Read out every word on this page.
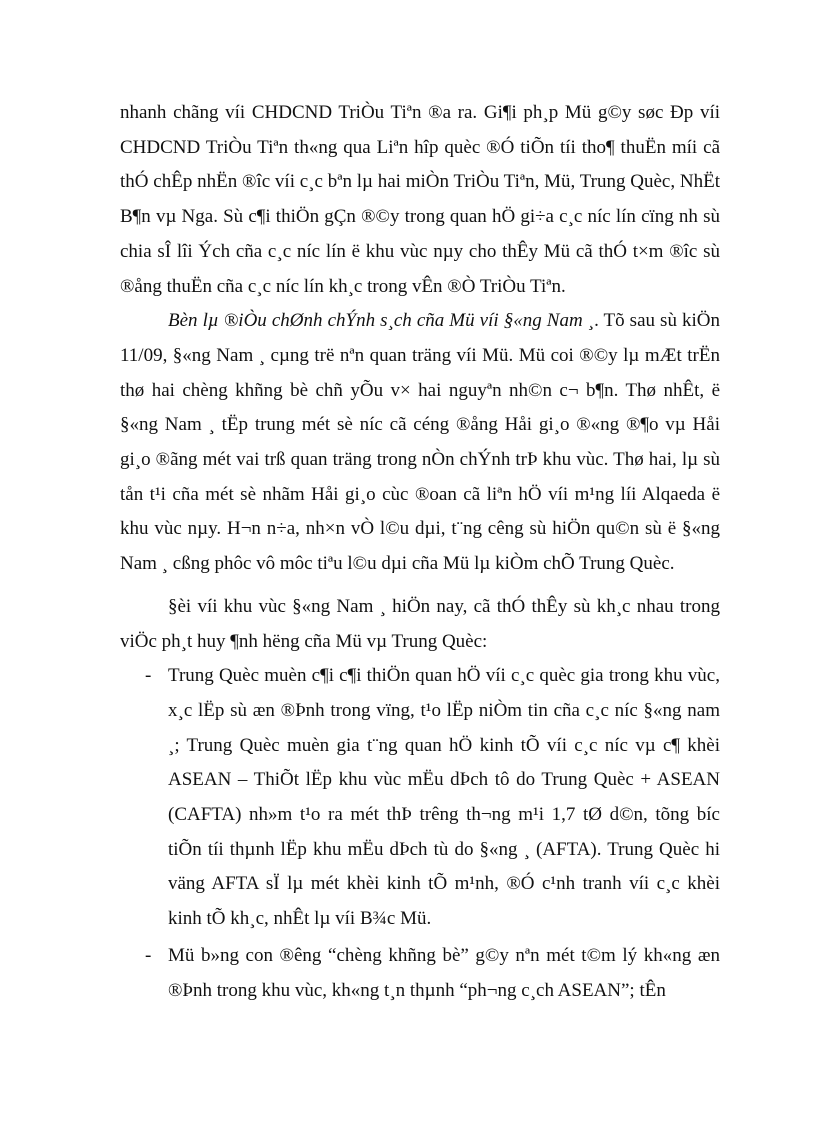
nhanh chãng víi CHDCND TriÒu Tiªn ®a ra. Gi¶i ph¸p Mü g©y søc Ðp víi CHDCND TriÒu Tiªn th«ng qua Liªn hîp quèc ®Ó tiÕn tíi tho¶ thuËn míi cã thÓ chÊp nhËn ®îc víi c¸c bªn lµ hai miÒn TriÒu Tiªn, Mü, Trung Quèc, NhËt B¶n vµ Nga. Sù c¶i thiÖn gÇn ®©y trong quan hÖ gi÷a c¸c níc lín cïng nh sù chia sÎ lîi Ých cña c¸c níc lín ë khu vùc nµy cho thÊy Mü cã thÓ t×m ®îc sù ®ång thuËn cña c¸c níc lín kh¸c trong vÊn ®Ò TriÒu Tiªn.

Bèn lµ ®iÒu chØnh chÝnh s¸ch cña Mü víi §«ng Nam ¸. Tõ sau sù kiÖn 11/09, §«ng Nam ¸ cµng trë nªn quan träng víi Mü. Mü coi ®©y lµ mÆt trËn thø hai chèng khñng bè chñ yÕu v× hai nguyªn nh©n c¬ b¶n. Thø nhÊt, ë §«ng Nam ¸ tËp trung mét sè níc cã céng ®ång Håi gi¸o ®«ng ®¶o vµ Håi gi¸o ®ãng mét vai trß quan träng trong nÒn chÝnh trÞ khu vùc. Thø hai, lµ sù tån t¹i cña mét sè nhãm Håi gi¸o cùc ®oan cã liªn hÖ víi m¹ng líi Alqaeda ë khu vùc nµy. H¬n n÷a, nh×n vÒ l©u dµi, t¨ng cêng sù hiÖn qu©n sù ë §«ng Nam ¸ cßng phôc vô môc tiªu l©u dµi cña Mü lµ kiÒm chÕ Trung Quèc.

§èi víi khu vùc §«ng Nam ¸ hiÖn nay, cã thÓ thÊy sù kh¸c nhau trong viÖc ph¸t huy ¶nh hëng cña Mü vµ Trung Quèc:

- Trung Quèc muèn c¶i c¶i thiÖn quan hÖ víi c¸c quèc gia trong khu vùc, x¸c lËp sù æn ®Þnh trong vïng, t¹o lËp niÒm tin cña c¸c níc §«ng nam ¸; Trung Quèc muèn gia t¨ng quan hÖ kinh tÕ víi c¸c níc vµ c¶ khèi ASEAN – ThiÕt lËp khu vùc mËu dÞch tô do Trung Quèc + ASEAN (CAFTA) nh»m t¹o ra mét thÞ trêng th¬ng m¹i 1,7 tØ d©n, tõng bíc tiÕn tíi thµnh lËp khu mËu dÞch tù do §«ng ¸ (AFTA). Trung Quèc hi väng AFTA sÏ lµ mét khèi kinh tÕ m¹nh, ®Ó c¹nh tranh víi c¸c khèi kinh tÕ kh¸c, nhÊt lµ víi B¾c Mü.
- Mü b»ng con ®êng “chèng khñng bè” g©y nªn mét t©m lý kh«ng æn ®Þnh trong khu vùc, kh«ng t¸n thµnh “ph¬ng c¸ch ASEAN”; tÊn
